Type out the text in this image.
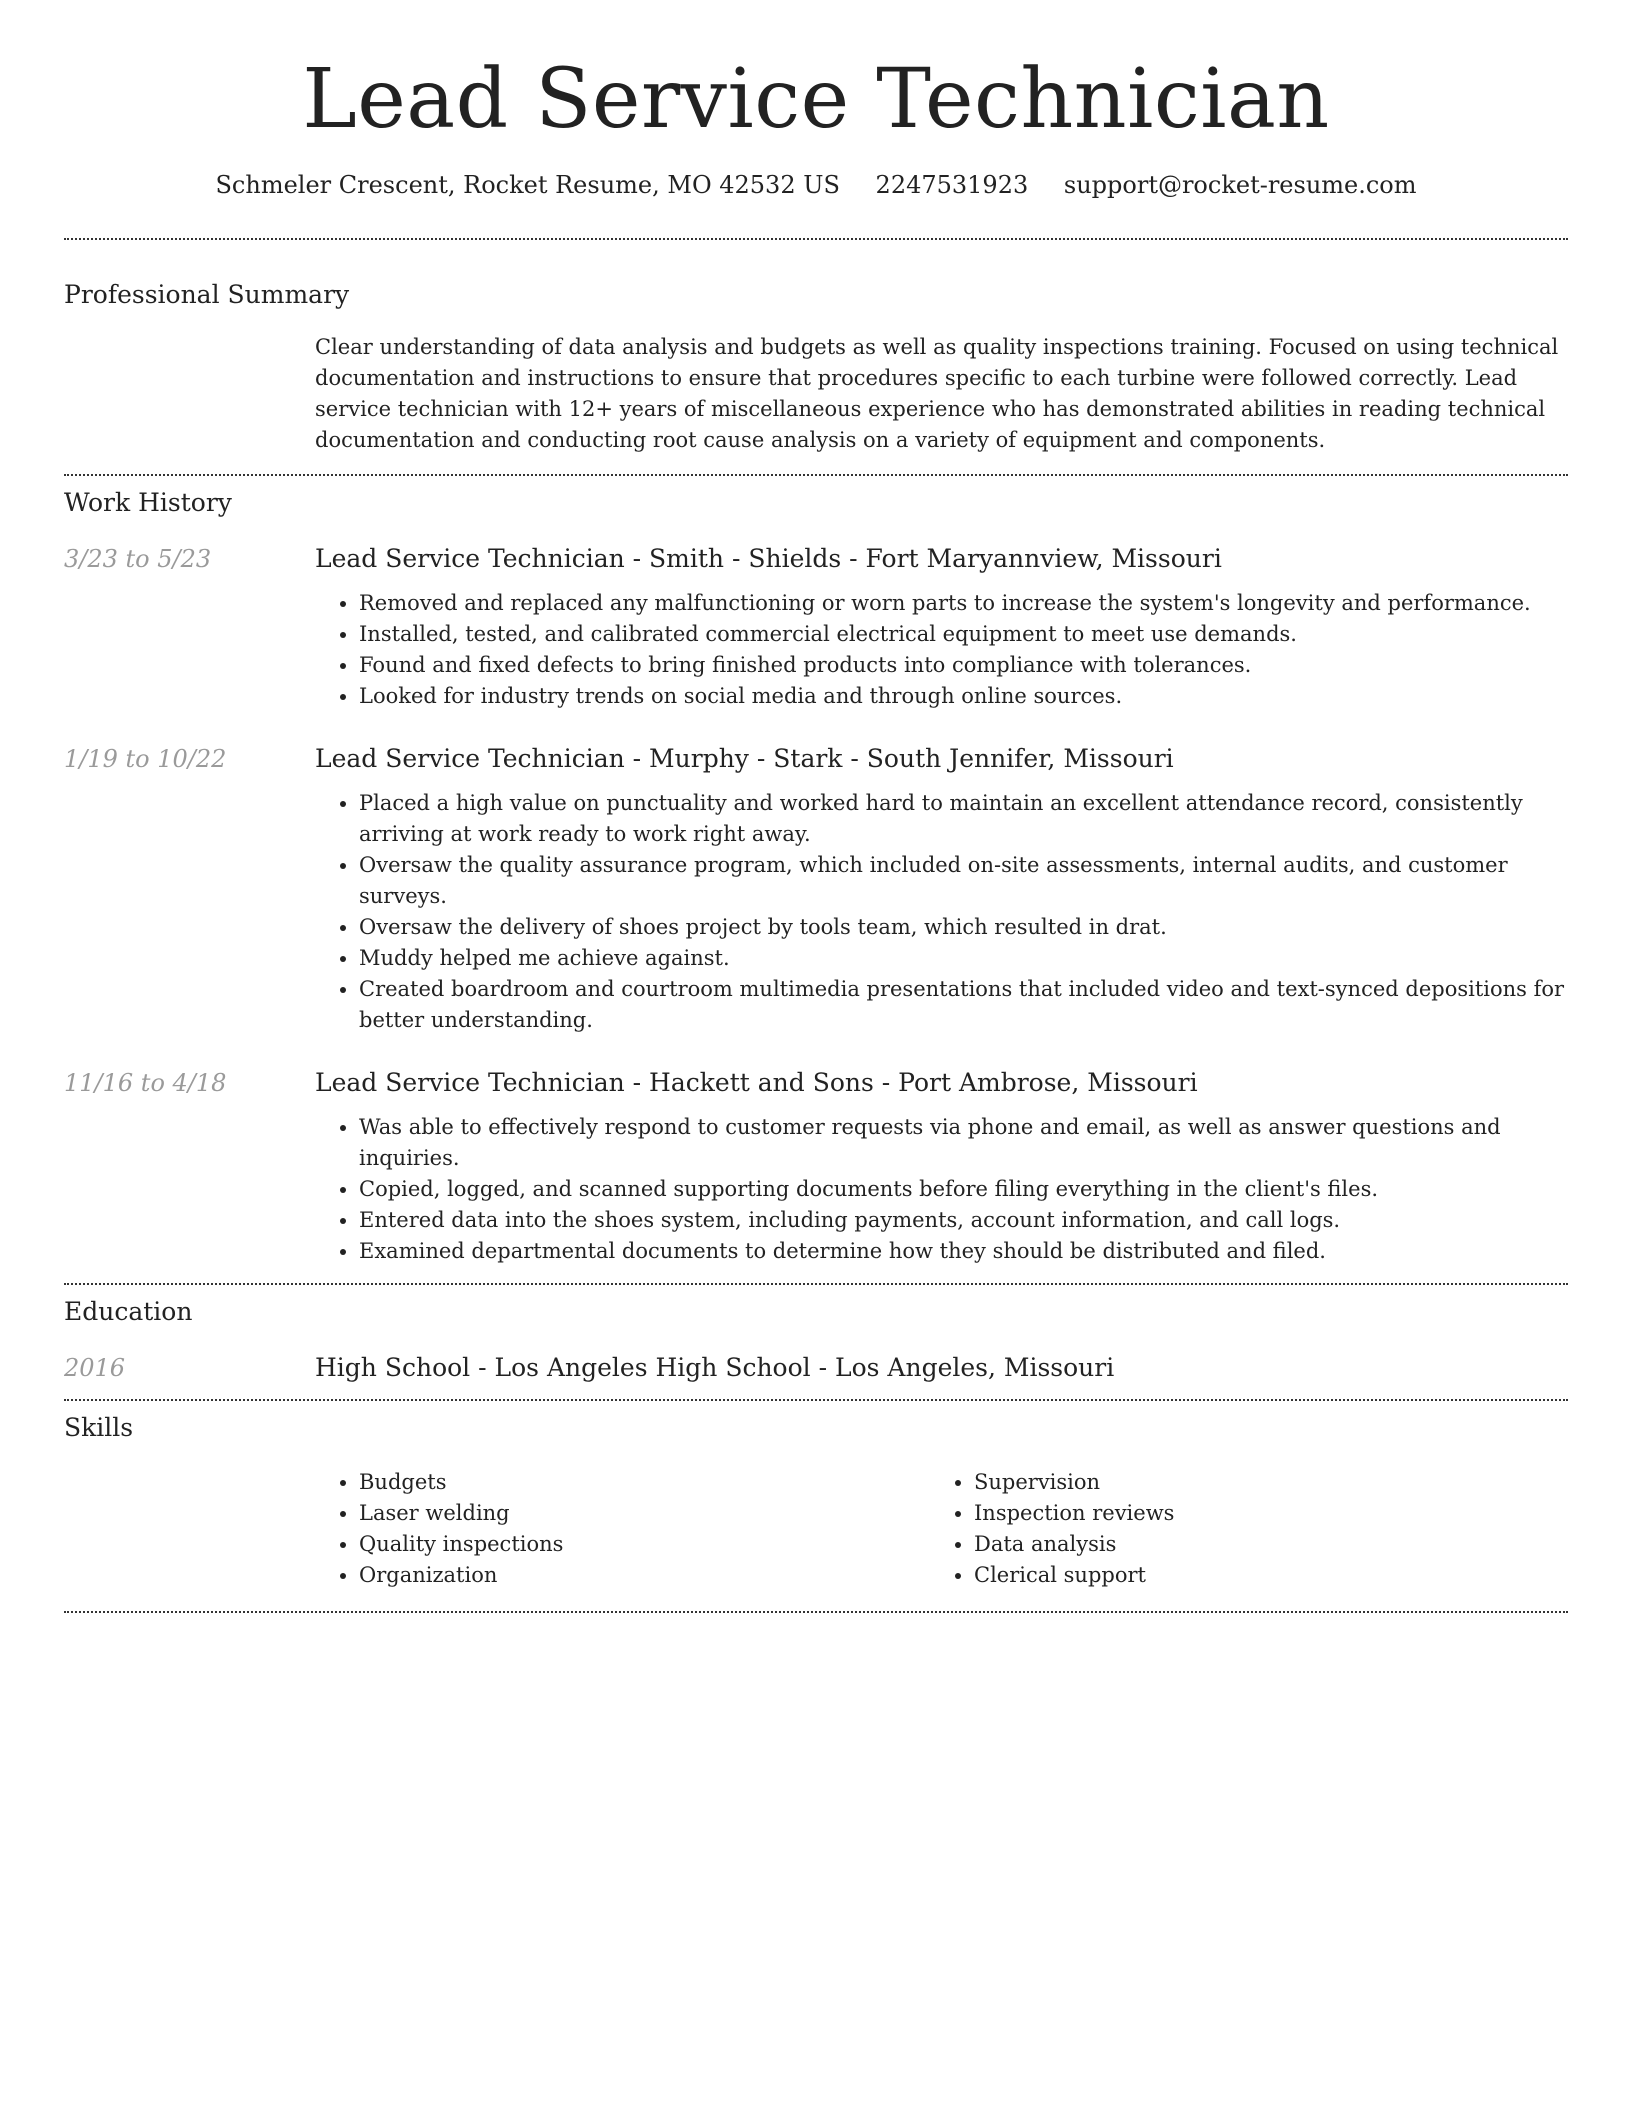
Lead Service Technician
Schmeler Crescent, Rocket Resume, MO 42532 US 2247531923 support@rocket-resume.com
Professional Summary

Clear understanding of data analysis and budgets as well as quality inspections training. Focused on using technical documentation and instructions to ensure that procedures specific to each turbine were followed correctly. Lead service technician with 12+ years of miscellaneous experience who has demonstrated abilities in reading technical documentation and conducting root cause analysis on a variety of equipment and components.

Work History
3/23 to 5/23	Lead Service Technician - Smith - Shields - Fort Maryannview, Missouri
• Removed and replaced any malfunctioning or worn parts to increase the system's longevity and performance.
• Installed, tested, and calibrated commercial electrical equipment to meet use demands.
• Found and fixed defects to bring finished products into compliance with tolerances.
• Looked for industry trends on social media and through online sources.
1/19 to 10/22	Lead Service Technician - Murphy - Stark - South Jennifer, Missouri
• Placed a high value on punctuality and worked hard to maintain an excellent attendance record, consistently arriving at work ready to work right away.
• Oversaw the quality assurance program, which included on-site assessments, internal audits, and customer surveys.
• Oversaw the delivery of shoes project by tools team, which resulted in drat.
• Muddy helped me achieve against.
• Created boardroom and courtroom multimedia presentations that included video and text-synced depositions for better understanding.
11/16 to 4/18	Lead Service Technician - Hackett and Sons - Port Ambrose, Missouri
• Was able to effectively respond to customer requests via phone and email, as well as answer questions and inquiries.
• Copied, logged, and scanned supporting documents before filing everything in the client's files.
• Entered data into the shoes system, including payments, account information, and call logs.
• Examined departmental documents to determine how they should be distributed and filed.
Education
2016	High School - Los Angeles High School - Los Angeles, Missouri
Skills
• Budgets
• Laser welding
• Quality inspections
• Organization
• Supervision
• Inspection reviews
• Data analysis
• Clerical support
